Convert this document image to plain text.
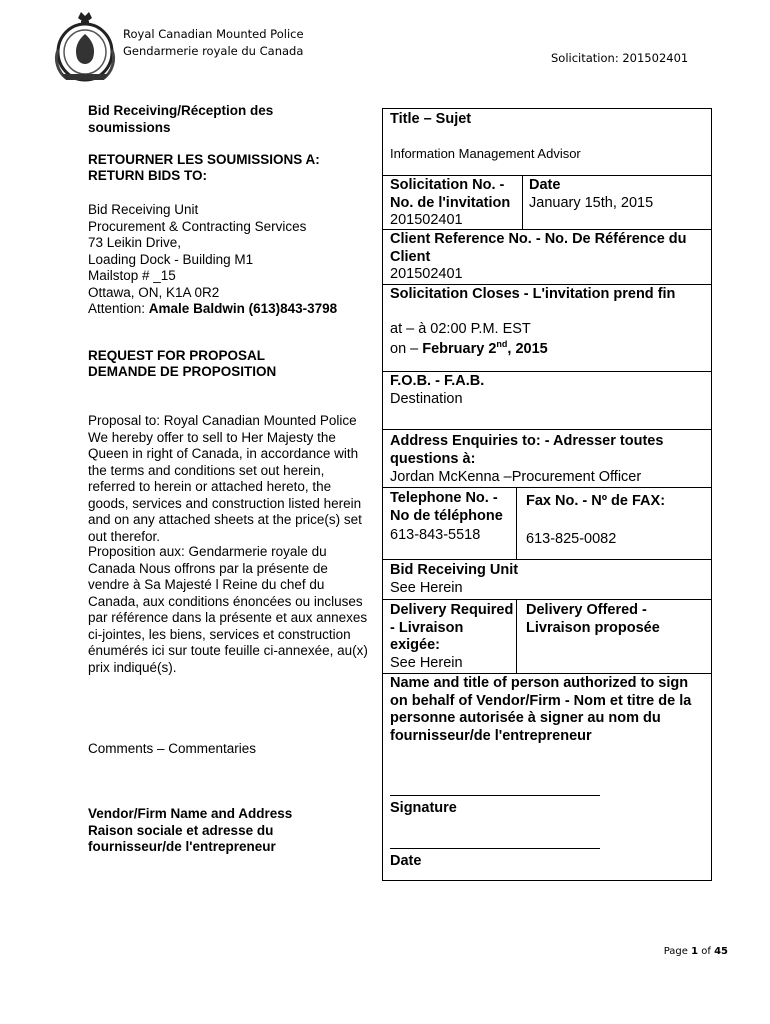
Royal Canadian Mounted Police
Gendarmerie royale du Canada	Solicitation: 201502401
Bid Receiving/Réception des soumissions
RETOURNER LES SOUMISSIONS A:
RETURN BIDS TO:
Bid Receiving Unit
Procurement & Contracting Services
73 Leikin Drive,
Loading Dock - Building M1
Mailstop # _15
Ottawa, ON, K1A 0R2
Attention: Amale Baldwin (613)843-3798
REQUEST FOR PROPOSAL
DEMANDE DE PROPOSITION
Proposal to: Royal Canadian Mounted Police We hereby offer to sell to Her Majesty the Queen in right of Canada, in accordance with the terms and conditions set out herein, referred to herein or attached hereto, the goods, services and construction listed herein and on any attached sheets at the price(s) set out therefor.
Proposition aux: Gendarmerie royale du Canada Nous offrons par la présente de vendre à Sa Majesté l Reine du chef du Canada, aux conditions énoncées ou incluses par référence dans la présente et aux annexes ci-jointes, les biens, services et construction énumérés ici sur toute feuille ci-annexée, au(x) prix indiqué(s).
Comments – Commentaries
Vendor/Firm Name and Address Raison sociale et adresse du fournisseur/de l'entrepreneur
Title – Sujet
Information Management Advisor
Solicitation No. - No. de l'invitation
201502401
Date
January 15th, 2015
Client Reference No. - No. De Référence du Client
201502401
Solicitation Closes - L'invitation prend fin
at – à 02:00 P.M. EST
on – February 2nd, 2015
F.O.B. - F.A.B.
Destination
Address Enquiries to: - Adresser toutes questions à:
Jordan McKenna –Procurement Officer
Telephone No. - No de téléphone
613-843-5518
Fax No. - Nº de FAX:
613-825-0082
Bid Receiving Unit
See Herein
Delivery Required - Livraison exigée:
See Herein
Delivery Offered - Livraison proposée
Name and title of person authorized to sign on behalf of Vendor/Firm - Nom et titre de la personne autorisée à signer au nom du fournisseur/de l'entrepreneur
Signature
Date
Page 1 of 45
